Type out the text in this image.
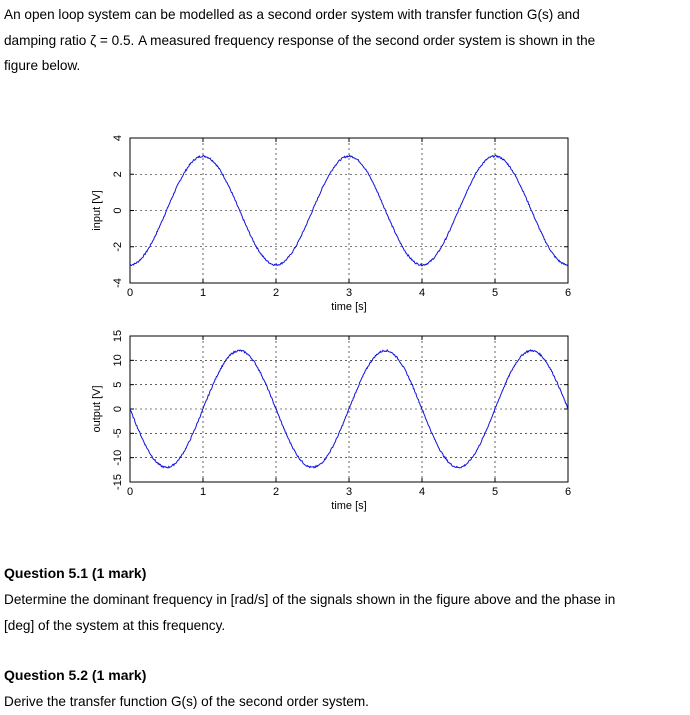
An open loop system can be modelled as a second order system with transfer function G(s) and
damping ratio ζ = 0.5. A measured frequency response of the second order system is shown in the
figure below.
0	1	2	3	4	5	6
-4
-2
0
2
4
time [s]
input [V]
0	1	2	3	4	5	6
-15
-10
-5
0
5
10
15
time [s]
output [V]
Question 5.1 (1 mark)
Determine the dominant frequency in [rad/s] of the signals shown in the figure above and the phase in
[deg] of the system at this frequency.
Question 5.2 (1 mark)
Derive the transfer function G(s) of the second order system.
